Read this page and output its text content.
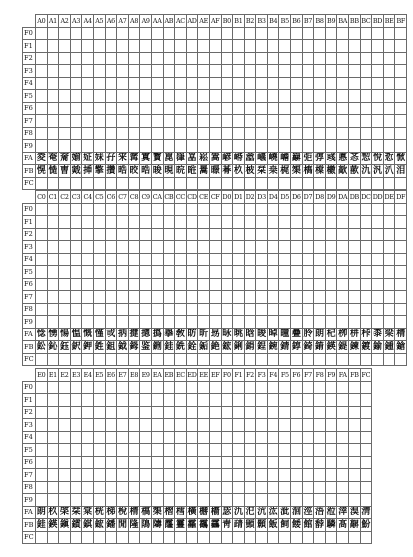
	A0	A1	A2	A3	A4	A5	A6	A7	A8	A9	AA	AB	AC	AD	AE	AF	B0	B1	B2	B3	B4	B5	B6	B7	B8	B9	BA	BB	BC	BD	BE	BF
F0																																
F1																																
F2																																
F3																																
F4																																
F5																																
F6																																
F7																																
F8																																
F9																																
FA	夌	奄	奝	媊	姃	妹	孖	宩	寗	寘	寳	崑	嵂	嵓	崧	嵩	嵃	崻	嵞	嶬	嶢	嶦	巐	弡	弴	彧	悳	忞	恝	悅	悊	惞
FB	愰	慥	曺	戭	揷	擎	攢	晧	晈	晧	晙	晛	晥	暀	暠	暻	朞	杦	柀	栞	桒	梶	榘	槗	橖	櫢	歊	歖	氿	汎	汃	泪
FC																																
	C0	C1	C2	C3	C4	C5	C6	C7	C8	C9	CA	CB	CC	CD	CE	CF	D0	D1	D2	D3	D4	D5	D6	D7	D8	D9	DA	DB	DC	DD	DE	DF
F0																																
F1																																
F2																																
F3																																
F4																																
F5																																
F6																																
F7																																
F8																																
F9																																
FA	惗	愑	愓	愠	慨	慬	戓	抦	揵	摠	撝	擧	敎	昉	昕	昮	昹	晀	晗	晙	晫	曈	曡	朎	朗	杞	栁	栟	桛	桼	梁	棈
FB	鈆	鈊	鈺	鈬	鉀	鉎	鉏	鉞	鉧	鉴	鉶	銈	銑	銓	銗	銫	鋐	鋓	鋗	鋥	鋺	錆	錞	錡	錥	鍈	鍉	鍊	鍍	鍮	鍾	鎗
FC																																
	E0	E1	E2	E3	E4	E5	E6	E7	E8	E9	EA	EB	EC	ED	EE	EF	F0	F1	F2	F3	F4	F5	F6	F7	F8	F9	FA	FB	FC
F0																													
F1																													
F2																													
F3																													
F4																													
F5																													
F6																													
F7																													
F8																													
F9																													
FA	朗	杦	棨	栞	棠	桄	梯	梲	棈	槁	榘	槢	樰	橫	橳	櫤	毖	氿	汜	沆	汯	泚	洄	涇	浯	涖	涬	淏	淸
FB	銈	鍈	鎭	鏆	錤	鋐	鐇	閒	隆	隝	隯	霳	霻	靃	靍	靏	靑	靕	顗	顥	飯	飼	餧	館	馞	驎	髙	髜	魵
FC																													
